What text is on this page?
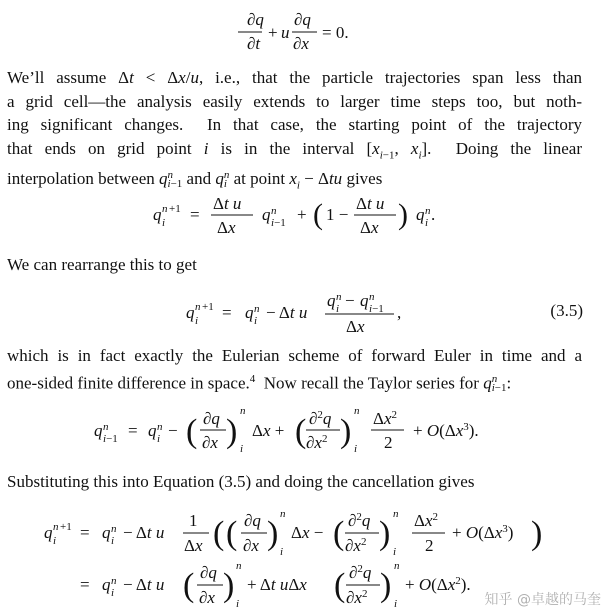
∂q
∂t
+ u
∂q
∂x
= 0.
We’ll assume Δt < Δx/u, i.e., that the particle trajectories span less than
a grid cell—the analysis easily extends to larger time steps too, but noth-
ing significant changes.  In that case, the starting point of the trajectory
that ends on grid point i is in the interval [$x_{i-1}$, $x_i$].  Doing the linear
interpolation between qn
i−1 and qn
i at point $x_i - \Delta tu$ gives
q n +1
i =
Δt u
Δx
q n
i−1 + ( 1 −
Δt u
Δx ) q n
i .
We can rearrange this to get
q n +1
i = q n
i − Δt u
q n
i − q n
i−1
Δx
,	(3.5)
which is in fact exactly the Eulerian scheme of forward Euler in time and a
one-sided finite difference in space.$^4$  Now recall the Taylor series for qn
i−1:
q n
i−1 = q n
i − ( ∂q
∂x )
n
i
Δx + ( ∂$^2$q
$\partial x^2$ )
n
i
$\Delta x^2$
2
+ $O(\Delta x^3)$.
Substituting this into Equation (3.5) and doing the cancellation gives
q n +1
i = q n
i − Δt u
1
Δx ( ( ∂q
∂x )
n
i
Δx − ( ∂$^2$q
$\partial x^2$ )
n
i
$\Delta x^2$
2
+ $O(\Delta x^3)$ )
= q n
i − Δt u ( ∂q
∂x )
n
i
+ Δt uΔx ( ∂$^2$q
$\partial x^2$ )
n
i
+ $O(\Delta x^2)$.
知乎 @卓越的马奎
